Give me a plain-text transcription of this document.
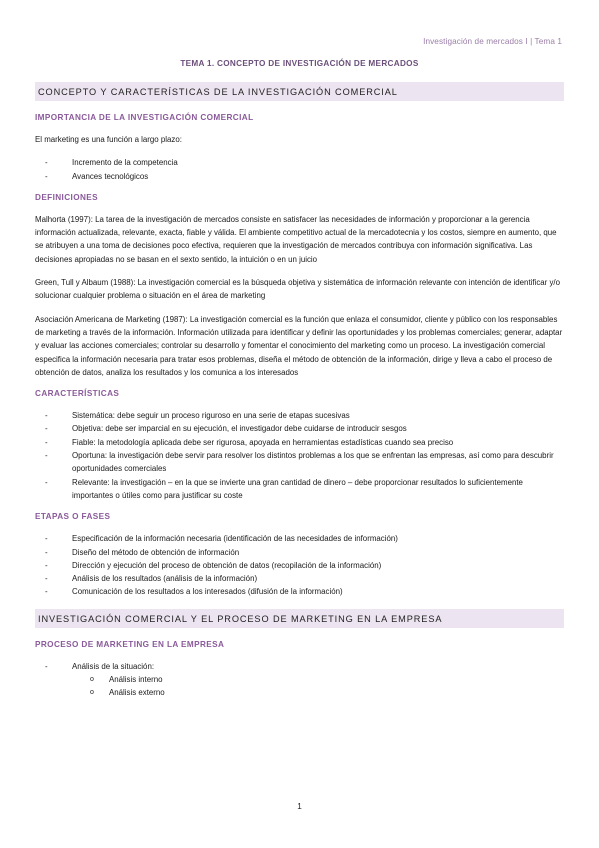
Investigación de mercados I | Tema 1
TEMA 1. CONCEPTO DE INVESTIGACIÓN DE MERCADOS
CONCEPTO Y CARACTERÍSTICAS DE LA INVESTIGACIÓN COMERCIAL
IMPORTANCIA DE LA INVESTIGACIÓN COMERCIAL

El marketing es una función a largo plazo:

-	Incremento de la competencia
-	Avances tecnológicos
DEFINICIONES

Malhorta (1997): La tarea de la investigación de mercados consiste en satisfacer las necesidades de información y proporcionar a la gerencia información actualizada, relevante, exacta, fiable y válida. El ambiente competitivo actual de la mercadotecnia y los costos, siempre en aumento, que se atribuyen a una toma de decisiones poco efectiva, requieren que la investigación de mercados contribuya con información significativa. Las decisiones apropiadas no se basan en el sexto sentido, la intuición o en un juicio

Green, Tull y Albaum (1988): La investigación comercial es la búsqueda objetiva y sistemática de información relevante con intención de identificar y/o solucionar cualquier problema o situación en el área de marketing

Asociación Americana de Marketing (1987): La investigación comercial es la función que enlaza el consumidor, cliente y público con los responsables de marketing a través de la información. Información utilizada para identificar y definir las oportunidades y los problemas comerciales; generar, adaptar y evaluar las acciones comerciales; controlar su desarrollo y fomentar el conocimiento del marketing como un proceso. La investigación comercial especifica la información necesaria para tratar esos problemas, diseña el método de obtención de la información, dirige y lleva a cabo el proceso de obtención de datos, analiza los resultados y los comunica a los interesados

CARACTERÍSTICAS
-	Sistemática: debe seguir un proceso riguroso en una serie de etapas sucesivas
-	Objetiva: debe ser imparcial en su ejecución, el investigador debe cuidarse de introducir sesgos
-	Fiable: la metodología aplicada debe ser rigurosa, apoyada en herramientas estadísticas cuando sea preciso
-	Oportuna: la investigación debe servir para resolver los distintos problemas a los que se enfrentan las empresas, así como para descubrir oportunidades comerciales
-	Relevante: la investigación – en la que se invierte una gran cantidad de dinero – debe proporcionar resultados lo suficientemente importantes o útiles como para justificar su coste
ETAPAS O FASES
-	Especificación de la información necesaria (identificación de las necesidades de información)
-	Diseño del método de obtención de información
-	Dirección y ejecución del proceso de obtención de datos (recopilación de la información)
-	Análisis de los resultados (análisis de la información)
-	Comunicación de los resultados a los interesados (difusión de la información)
INVESTIGACIÓN COMERCIAL Y EL PROCESO DE MARKETING EN LA EMPRESA
PROCESO DE MARKETING EN LA EMPRESA
-	Análisis de la situación:
o Análisis interno
o Análisis externo
1
